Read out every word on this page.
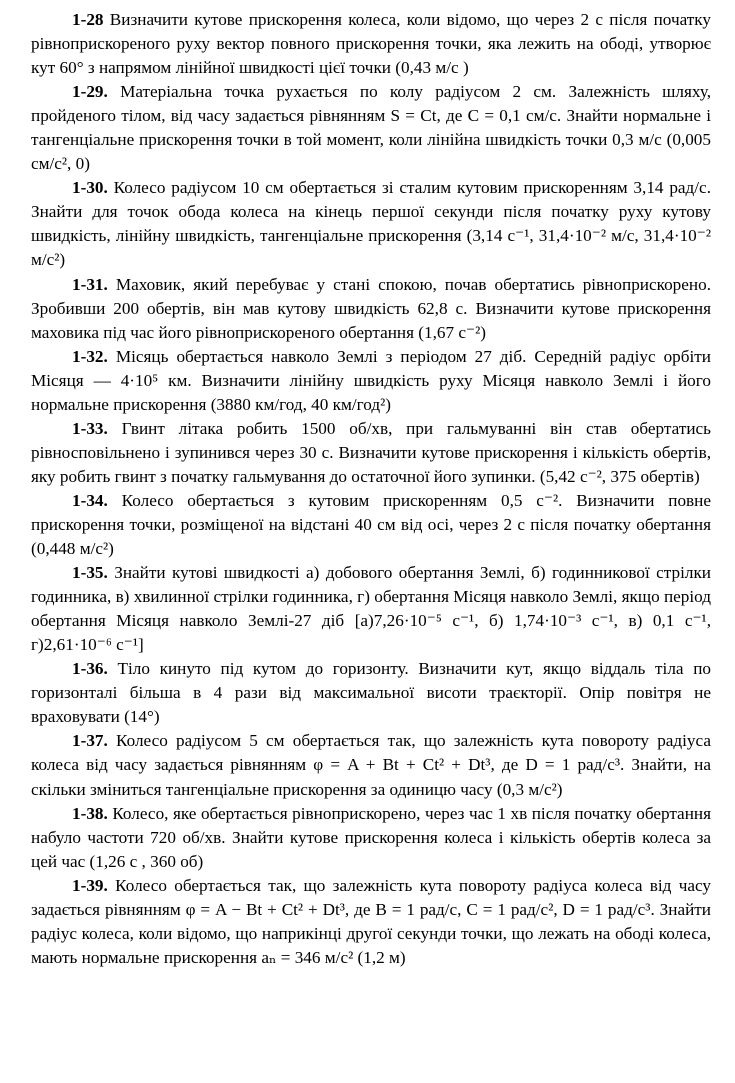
1-28 Визначити кутове прискорення колеса, коли відомо, що через 2 с після початку рівноприскореного руху вектор повного прискорення точки, яка лежить на ободі, утворює кут 60° з напрямом лінійної швидкості цієї точки (0,43 м/с )

1-29. Матеріальна точка рухається по колу радіусом 2 см. Залежність шляху, пройденого тілом, від часу задається рівнянням S = Ct, де C = 0,1 см/с. Знайти нормальне і тангенціальне прискорення точки в той момент, коли лінійна швидкість точки 0,3 м/с (0,005 см/с², 0)

1-30. Колесо радіусом 10 см обертається зі сталим кутовим прискоренням 3,14 рад/с. Знайти для точок обода колеса на кінець першої секунди після початку руху кутову швидкість, лінійну швидкість, тангенціальне прискорення (3,14 с⁻¹, 31,4·10⁻² м/с, 31,4·10⁻² м/с²)

1-31. Маховик, який перебуває у стані спокою, почав обертатись рівноприскорено. Зробивши 200 обертів, він мав кутову швидкість 62,8 с. Визначити кутове прискорення маховика під час його рівноприскореного обертання (1,67 с⁻²)

1-32. Місяць обертається навколо Землі з періодом 27 діб. Середній радіус орбіти Місяця — 4·10⁵ км. Визначити лінійну швидкість руху Місяця навколо Землі і його нормальне прискорення (3880 км/год, 40 км/год²)

1-33. Гвинт літака робить 1500 об/хв, при гальмуванні він став обертатись рівносповільнено і зупинився через 30 с. Визначити кутове прискорення і кількість обертів, яку робить гвинт з початку гальмування до остаточної його зупинки. (5,42 с⁻², 375 обертів)

1-34. Колесо обертається з кутовим прискоренням 0,5 с⁻². Визначити повне прискорення точки, розміщеної на відстані 40 см від осі, через 2 с після початку обертання (0,448 м/с²)

1-35. Знайти кутові швидкості а) добового обертання Землі, б) годинникової стрілки годинника, в) хвилинної стрілки годинника, г) обертання Місяця навколо Землі, якщо період обертання Місяця навколо Землі-27 діб [а)7,26·10⁻⁵ с⁻¹, б) 1,74·10⁻³ с⁻¹, в) 0,1 с⁻¹, г)2,61·10⁻⁶ с⁻¹]

1-36. Тіло кинуто під кутом до горизонту. Визначити кут, якщо віддаль тіла по горизонталі більша в 4 рази від максимальної висоти траєкторії. Опір повітря не враховувати (14°)

1-37. Колесо радіусом 5 см обертається так, що залежність кута повороту радіуса колеса від часу задається рівнянням φ = A + Bt + Ct² + Dt³, де D = 1 рад/с³. Знайти, на скільки зміниться тангенціальне прискорення за одиницю часу (0,3 м/с²)

1-38. Колесо, яке обертається рівноприскорено, через час 1 хв після початку обертання набуло частоти 720 об/хв. Знайти кутове прискорення колеса і кількість обертів колеса за цей час (1,26 с , 360 об)

1-39. Колесо обертається так, що залежність кута повороту радіуса колеса від часу задається рівнянням φ = A − Bt + Ct² + Dt³, де B = 1 рад/с, C = 1 рад/с², D = 1 рад/с³. Знайти радіус колеса, коли відомо, що наприкінці другої секунди точки, що лежать на ободі колеса, мають нормальне прискорення aₙ = 346 м/с² (1,2 м)
